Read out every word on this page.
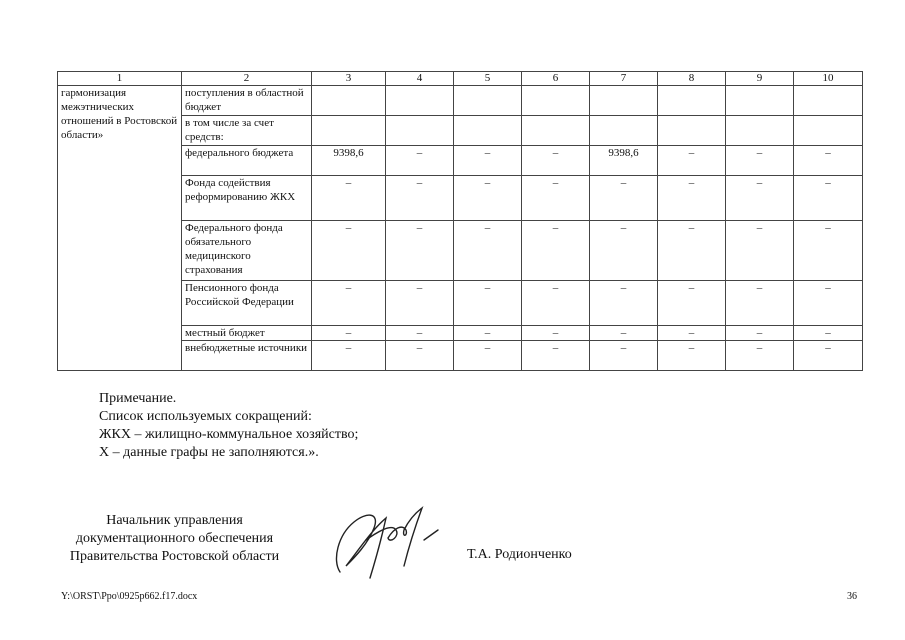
1	2	3	4	5	6	7	8	9	10
гармонизация межэтнических отношений в Ростовской области»	поступления в областной бюджет								
	в том числе за счет средств:								
	федерального бюджета	9398,6	–	–	–	9398,6	–	–	–
	Фонда содействия реформированию ЖКХ	–	–	–	–	–	–	–	–
	Федерального фонда обязательного медицинского страхования	–	–	–	–	–	–	–	–
	Пенсионного фонда Российской Федерации	–	–	–	–	–	–	–	–
	местный бюджет	–	–	–	–	–	–	–	–
	внебюджетные источники	–	–	–	–	–	–	–	–
Примечание.
Список используемых сокращений:
ЖКХ – жилищно-коммунальное хозяйство;
Х – данные графы не заполняются.».
Начальник управления
документационного обеспечения
Правительства Ростовской области	Т.А. Родионченко
Y:\ORST\Ppo\0925p662.f17.docx	36
